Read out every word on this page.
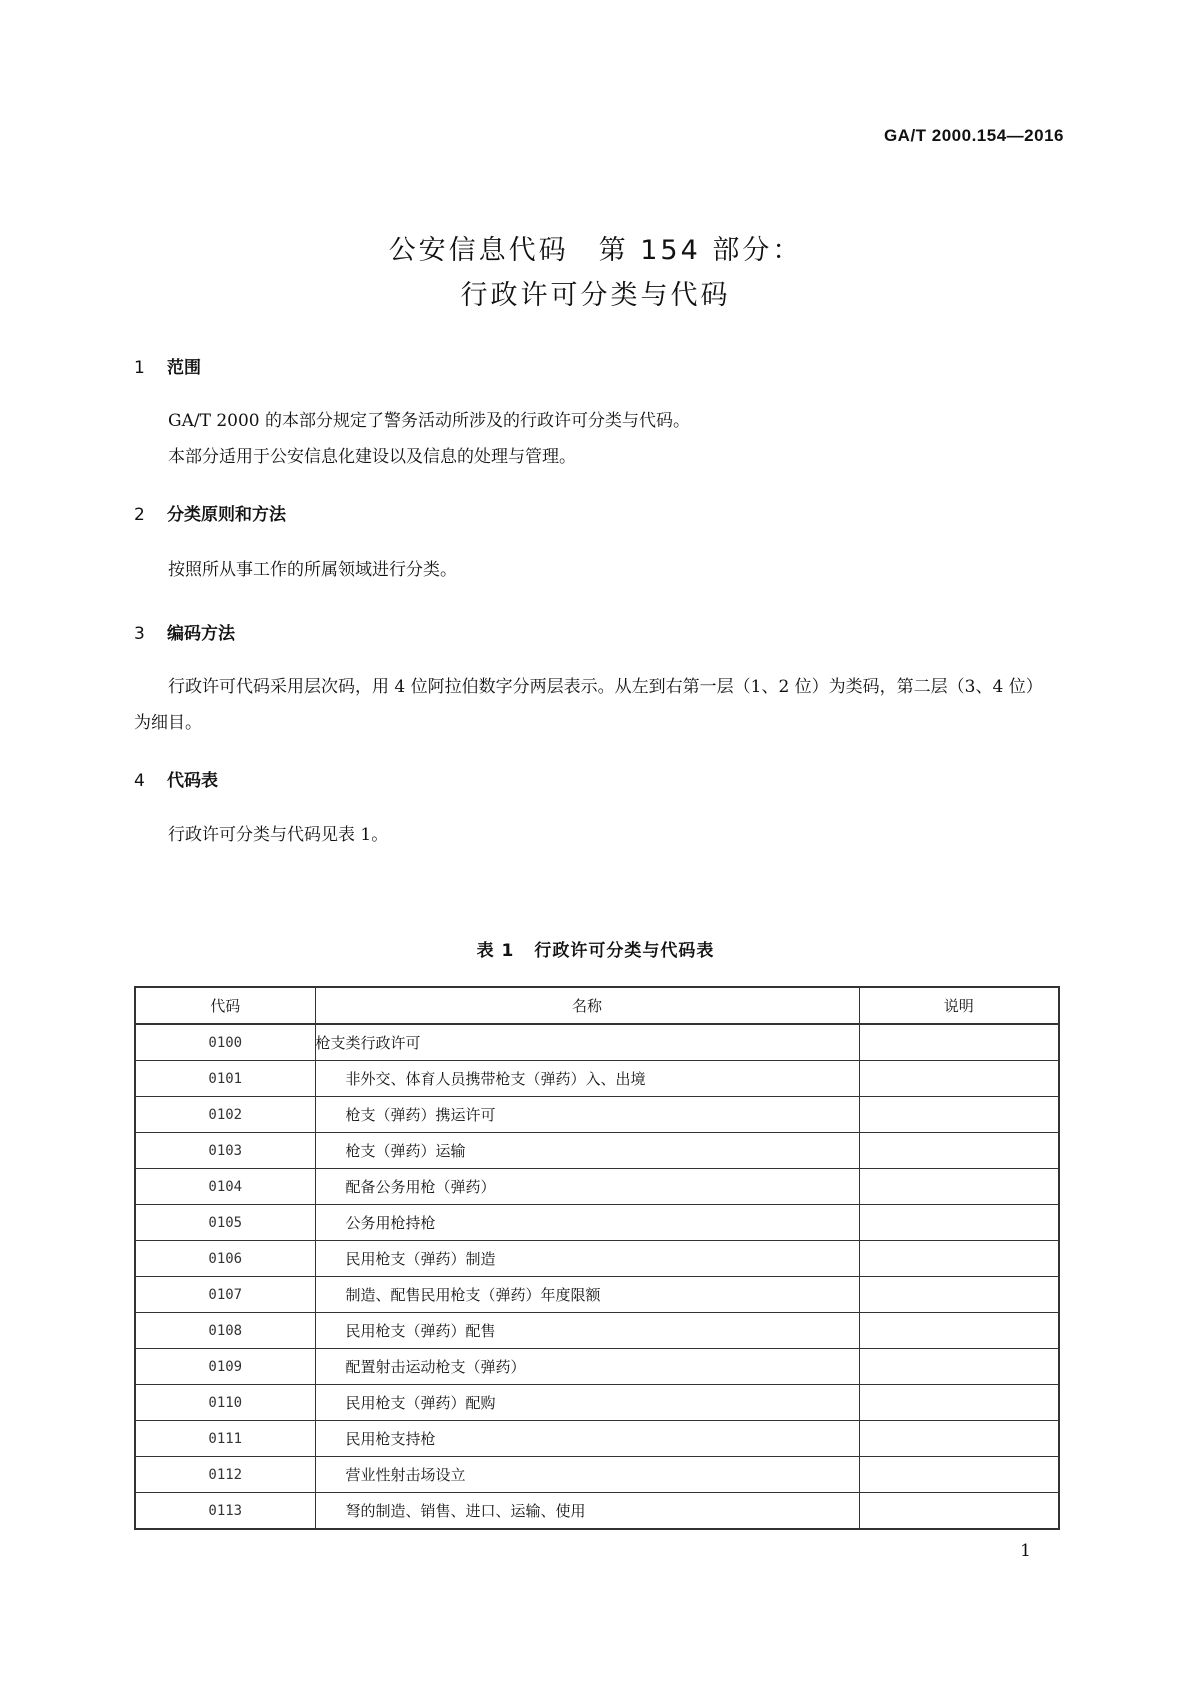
GA/T 2000.154—2016
公安信息代码　第 154 部分：
行政许可分类与代码
1 范围
GA/T 2000 的本部分规定了警务活动所涉及的行政许可分类与代码。
本部分适用于公安信息化建设以及信息的处理与管理。
2 分类原则和方法
按照所从事工作的所属领域进行分类。
3 编码方法
行政许可代码采用层次码，用 4 位阿拉伯数字分两层表示。从左到右第一层（1、2 位）为类码，第二层（3、4 位）为细目。
4 代码表
行政许可分类与代码见表 1。
表 1 行政许可分类与代码表
代码	名称	说明
0100	枪支类行政许可	
0101	非外交、体育人员携带枪支（弹药）入、出境	
0102	枪支（弹药）携运许可	
0103	枪支（弹药）运输	
0104	配备公务用枪（弹药）	
0105	公务用枪持枪	
0106	民用枪支（弹药）制造	
0107	制造、配售民用枪支（弹药）年度限额	
0108	民用枪支（弹药）配售	
0109	配置射击运动枪支（弹药）	
0110	民用枪支（弹药）配购	
0111	民用枪支持枪	
0112	营业性射击场设立	
0113	弩的制造、销售、进口、运输、使用	
1
